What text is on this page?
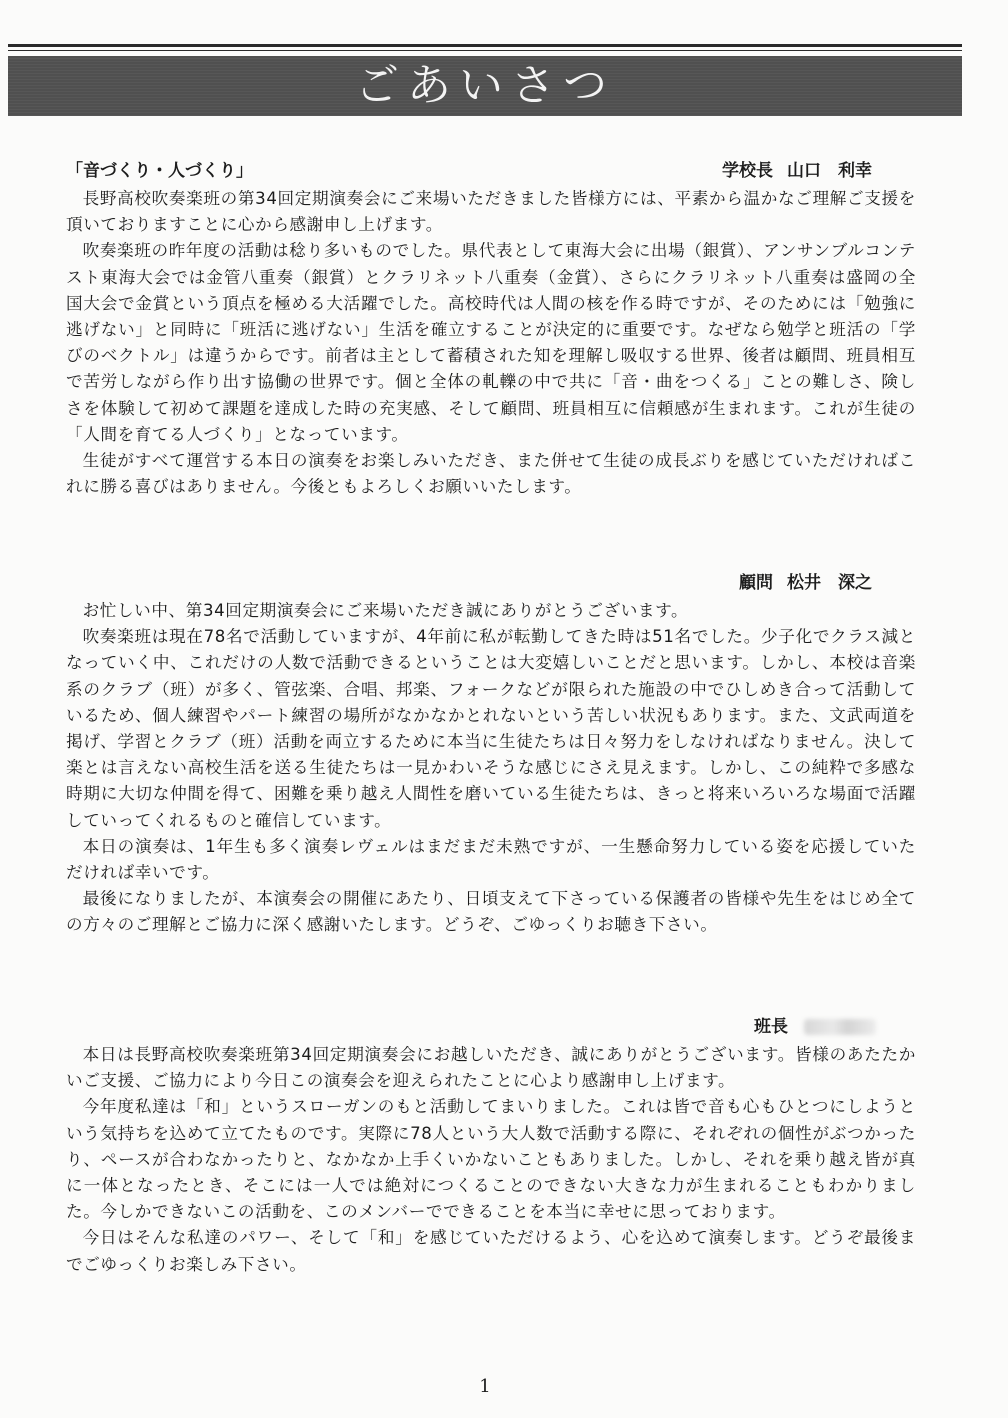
ごあいさつ
「音づくり・人づくり」	学校長 山口　利幸

長野高校吹奏楽班の第34回定期演奏会にご来場いただきました皆様方には、平素から温かなご理解ご支援を頂いておりますことに心から感謝申し上げます。

吹奏楽班の昨年度の活動は稔り多いものでした。県代表として東海大会に出場（銀賞）、アンサンブルコンテスト東海大会では金管八重奏（銀賞）とクラリネット八重奏（金賞）、さらにクラリネット八重奏は盛岡の全国大会で金賞という頂点を極める大活躍でした。高校時代は人間の核を作る時ですが、そのためには「勉強に逃げない」と同時に「班活に逃げない」生活を確立することが決定的に重要です。なぜなら勉学と班活の「学びのベクトル」は違うからです。前者は主として蓄積された知を理解し吸収する世界、後者は顧問、班員相互で苦労しながら作り出す協働の世界です。個と全体の軋轢の中で共に「音・曲をつくる」ことの難しさ、険しさを体験して初めて課題を達成した時の充実感、そして顧問、班員相互に信頼感が生まれます。これが生徒の「人間を育てる人づくり」となっています。

生徒がすべて運営する本日の演奏をお楽しみいただき、また併せて生徒の成長ぶりを感じていただければこれに勝る喜びはありません。今後ともよろしくお願いいたします。

顧問 松井　深之

お忙しい中、第34回定期演奏会にご来場いただき誠にありがとうございます。

吹奏楽班は現在78名で活動していますが、4年前に私が転勤してきた時は51名でした。少子化でクラス減となっていく中、これだけの人数で活動できるということは大変嬉しいことだと思います。しかし、本校は音楽系のクラブ（班）が多く、管弦楽、合唱、邦楽、フォークなどが限られた施設の中でひしめき合って活動しているため、個人練習やパート練習の場所がなかなかとれないという苦しい状況もあります。また、文武両道を掲げ、学習とクラブ（班）活動を両立するために本当に生徒たちは日々努力をしなければなりません。決して楽とは言えない高校生活を送る生徒たちは一見かわいそうな感じにさえ見えます。しかし、この純粋で多感な時期に大切な仲間を得て、困難を乗り越え人間性を磨いている生徒たちは、きっと将来いろいろな場面で活躍していってくれるものと確信しています。

本日の演奏は、1年生も多く演奏レヴェルはまだまだ未熟ですが、一生懸命努力している姿を応援していただければ幸いです。

最後になりましたが、本演奏会の開催にあたり、日頃支えて下さっている保護者の皆様や先生をはじめ全ての方々のご理解とご協力に深く感謝いたします。どうぞ、ごゆっくりお聴き下さい。

班長

本日は長野高校吹奏楽班第34回定期演奏会にお越しいただき、誠にありがとうございます。皆様のあたたかいご支援、ご協力により今日この演奏会を迎えられたことに心より感謝申し上げます。

今年度私達は「和」というスローガンのもと活動してまいりました。これは皆で音も心もひとつにしようという気持ちを込めて立てたものです。実際に78人という大人数で活動する際に、それぞれの個性がぶつかったり、ペースが合わなかったりと、なかなか上手くいかないこともありました。しかし、それを乗り越え皆が真に一体となったとき、そこには一人では絶対につくることのできない大きな力が生まれることもわかりました。今しかできないこの活動を、このメンバーでできることを本当に幸せに思っております。

今日はそんな私達のパワー、そして「和」を感じていただけるよう、心を込めて演奏します。どうぞ最後までごゆっくりお楽しみ下さい。

1
